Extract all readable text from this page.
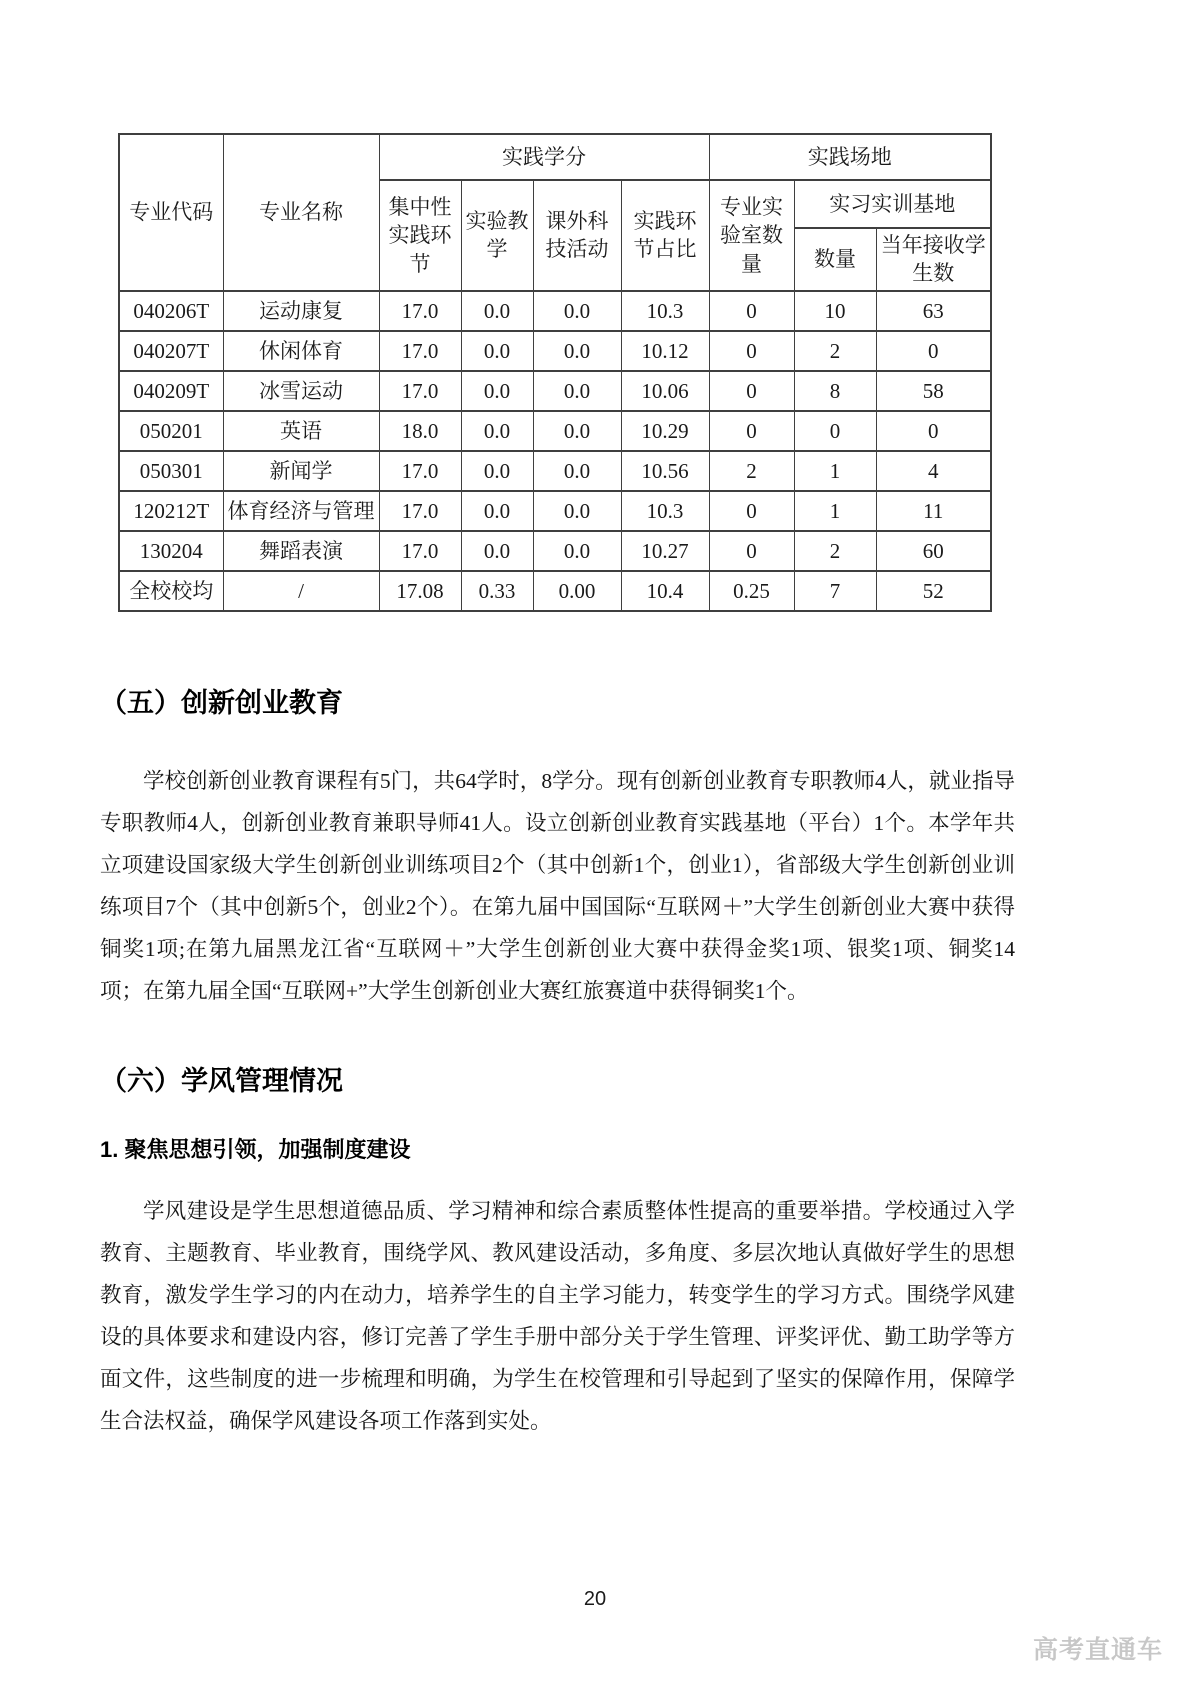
专业代码	专业名称	实践学分				实践场地		
		集中性实践环节	实验教学	课外科技活动	实践环节占比	专业实验室数量	实习实训基地	
							数量	当年接收学生数
040206T	运动康复	17.0	0.0	0.0	10.3	0	10	63
040207T	休闲体育	17.0	0.0	0.0	10.12	0	2	0
040209T	冰雪运动	17.0	0.0	0.0	10.06	0	8	58
050201	英语	18.0	0.0	0.0	10.29	0	0	0
050301	新闻学	17.0	0.0	0.0	10.56	2	1	4
120212T	体育经济与管理	17.0	0.0	0.0	10.3	0	1	11
130204	舞蹈表演	17.0	0.0	0.0	10.27	0	2	60
全校校均	/	17.08	0.33	0.00	10.4	0.25	7	52
（五）创新创业教育

学校创新创业教育课程有5门，共64学时，8学分。现有创新创业教育专职教师4人，就业指导专职教师4人，创新创业教育兼职导师41人。设立创新创业教育实践基地（平台）1个。本学年共立项建设国家级大学生创新创业训练项目2个（其中创新1个，创业1），省部级大学生创新创业训练项目7个（其中创新5个，创业2个）。在第九届中国国际“互联网＋”大学生创新创业大赛中获得铜奖1项;在第九届黑龙江省“互联网＋”大学生创新创业大赛中获得金奖1项、银奖1项、铜奖14项；在第九届全国“互联网+”大学生创新创业大赛红旅赛道中获得铜奖1个。

（六）学风管理情况
1. 聚焦思想引领，加强制度建设

学风建设是学生思想道德品质、学习精神和综合素质整体性提高的重要举措。学校通过入学教育、主题教育、毕业教育，围绕学风、教风建设活动，多角度、多层次地认真做好学生的思想教育，激发学生学习的内在动力，培养学生的自主学习能力，转变学生的学习方式。围绕学风建设的具体要求和建设内容，修订完善了学生手册中部分关于学生管理、评奖评优、勤工助学等方面文件，这些制度的进一步梳理和明确，为学生在校管理和引导起到了坚实的保障作用，保障学生合法权益，确保学风建设各项工作落到实处。

20
高考直通车
